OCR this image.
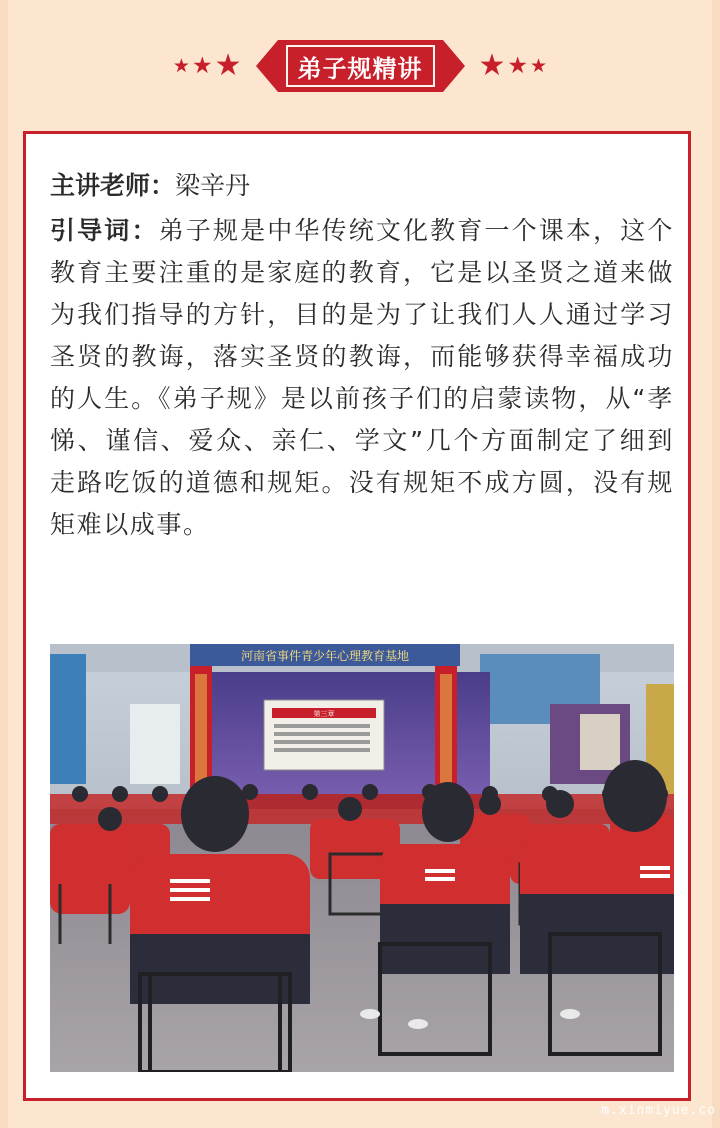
★ ★ ★ 弟子规精讲 ★ ★ ★
主讲老师：梁辛丹
引导词：弟子规是中华传统文化教育一个课本，这个教育主要注重的是家庭的教育，它是以圣贤之道来做为我们指导的方针，目的是为了让我们人人通过学习圣贤的教诲，落实圣贤的教诲，而能够获得幸福成功的人生。《弟子规》是以前孩子们的启蒙读物，从“孝悌、谨信、爱众、亲仁、学文”几个方面制定了细到走路吃饭的道德和规矩。没有规矩不成方圆，没有规矩难以成事。
河南省事件青少年心理教育基地
第三章
m.xinmiyue.co
